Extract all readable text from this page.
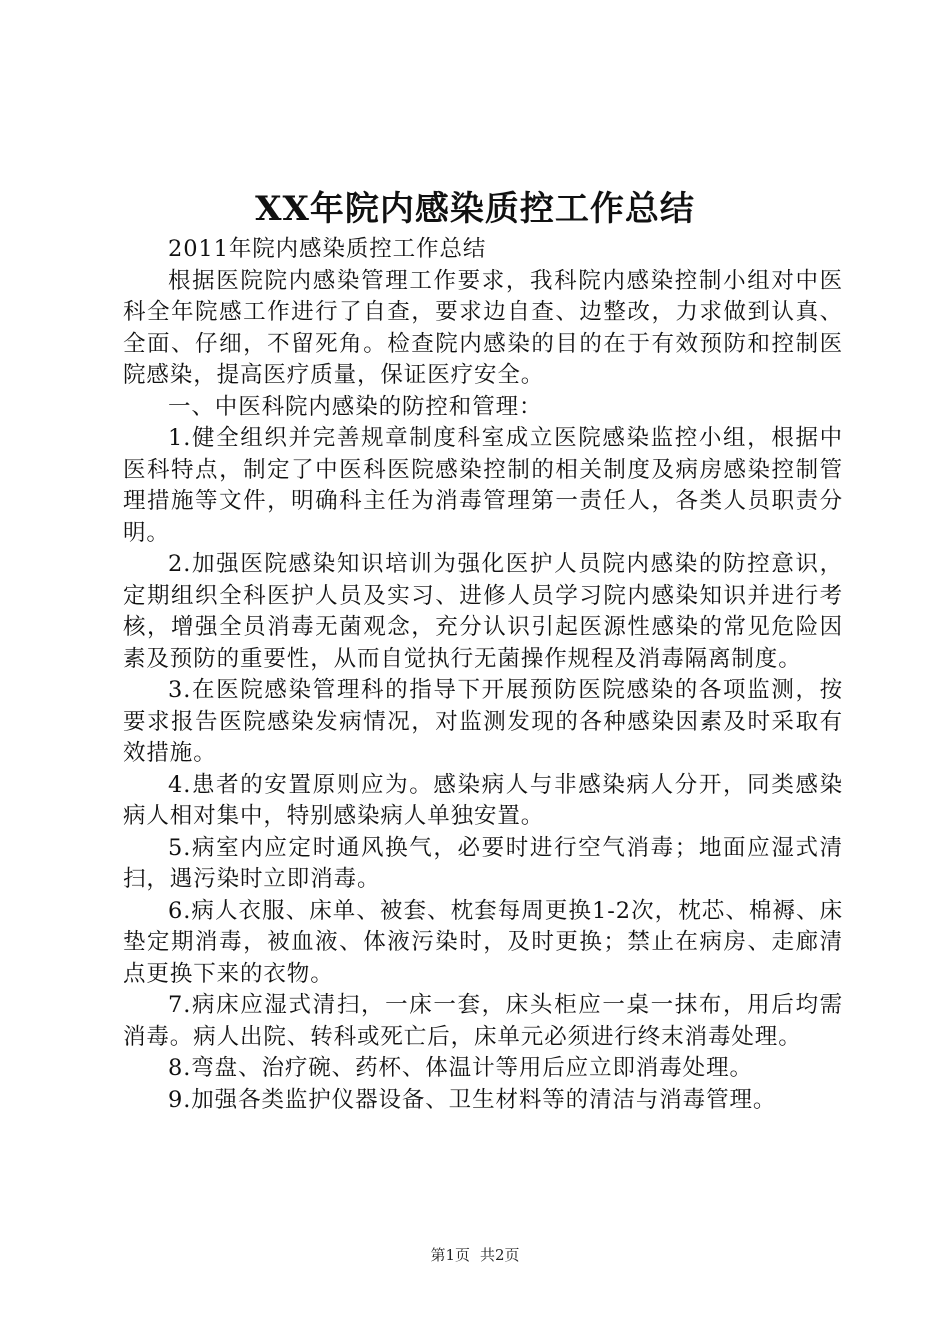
XX年院内感染质控工作总结

2011年院内感染质控工作总结

根据医院院内感染管理工作要求，我科院内感染控制小组对中医科全年院感工作进行了自查，要求边自查、边整改，力求做到认真、全面、仔细，不留死角。检查院内感染的目的在于有效预防和控制医院感染，提高医疗质量，保证医疗安全。

一、中医科院内感染的防控和管理：

1.健全组织并完善规章制度科室成立医院感染监控小组，根据中医科特点，制定了中医科医院感染控制的相关制度及病房感染控制管理措施等文件，明确科主任为消毒管理第一责任人，各类人员职责分明。

2.加强医院感染知识培训为强化医护人员院内感染的防控意识，定期组织全科医护人员及实习、进修人员学习院内感染知识并进行考核，增强全员消毒无菌观念，充分认识引起医源性感染的常见危险因素及预防的重要性，从而自觉执行无菌操作规程及消毒隔离制度。

3.在医院感染管理科的指导下开展预防医院感染的各项监测，按要求报告医院感染发病情况，对监测发现的各种感染因素及时采取有效措施。

4.患者的安置原则应为。感染病人与非感染病人分开，同类感染病人相对集中，特别感染病人单独安置。

5.病室内应定时通风换气，必要时进行空气消毒；地面应湿式清扫，遇污染时立即消毒。

6.病人衣服、床单、被套、枕套每周更换1-2次，枕芯、棉褥、床垫定期消毒，被血液、体液污染时，及时更换；禁止在病房、走廊清点更换下来的衣物。

7.病床应湿式清扫，一床一套，床头柜应一桌一抹布，用后均需消毒。病人出院、转科或死亡后，床单元必须进行终末消毒处理。

8.弯盘、治疗碗、药杯、体温计等用后应立即消毒处理。

9.加强各类监护仪器设备、卫生材料等的清洁与消毒管理。

第1页 共2页
